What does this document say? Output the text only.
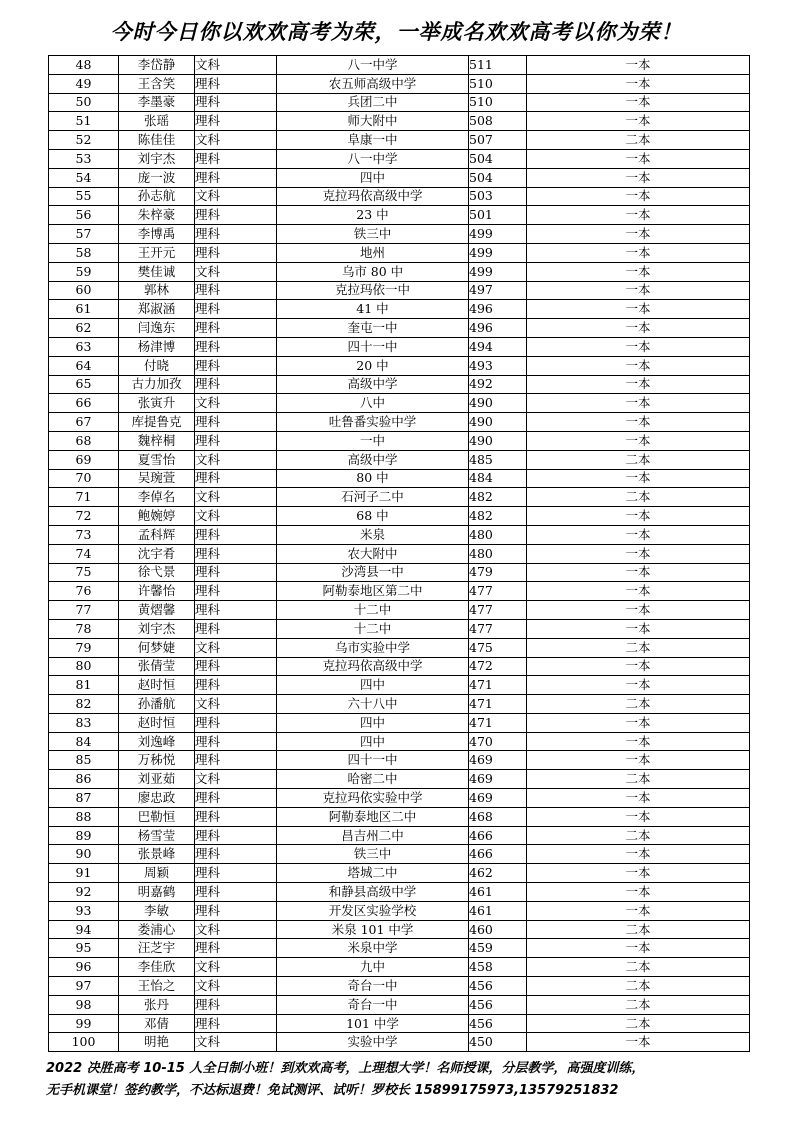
今时今日你以欢欢高考为荣，一举成名欢欢高考以你为荣！
48	李岱静	文科	八一中学	511	一本
49	王含笑	理科	农五师高级中学	510	一本
50	李墨豪	理科	兵团二中	510	一本
51	张瑶	理科	师大附中	508	一本
52	陈佳佳	文科	阜康一中	507	二本
53	刘宇杰	理科	八一中学	504	一本
54	庞一波	理科	四中	504	一本
55	孙志航	文科	克拉玛依高级中学	503	一本
56	朱梓豪	理科	23 中	501	一本
57	李博禹	理科	铁三中	499	一本
58	王开元	理科	地州	499	一本
59	樊佳诚	文科	乌市 80 中	499	一本
60	郭林	理科	克拉玛依一中	497	一本
61	郑淑涵	理科	41 中	496	一本
62	闫逸东	理科	奎屯一中	496	一本
63	杨津博	理科	四十一中	494	一本
64	付晓	理科	20 中	493	一本
65	古力加孜	理科	高级中学	492	一本
66	张寅升	文科	八中	490	一本
67	库提鲁克	理科	吐鲁番实验中学	490	一本
68	魏梓桐	理科	一中	490	一本
69	夏雪怡	文科	高级中学	485	二本
70	吴琬萱	理科	80 中	484	一本
71	李倬名	文科	石河子二中	482	二本
72	鲍婉婷	文科	68 中	482	一本
73	孟科辉	理科	米泉	480	一本
74	沈宇肴	理科	农大附中	480	一本
75	徐弋景	理科	沙湾县一中	479	一本
76	许馨怡	理科	阿勒泰地区第二中	477	一本
77	黄熠馨	理科	十二中	477	一本
78	刘宇杰	理科	十二中	477	一本
79	何梦婕	文科	乌市实验中学	475	二本
80	张倩莹	理科	克拉玛依高级中学	472	一本
81	赵时恒	理科	四中	471	一本
82	孙潘航	文科	六十八中	471	二本
83	赵时恒	理科	四中	471	一本
84	刘逸峰	理科	四中	470	一本
85	万秭悦	理科	四十一中	469	一本
86	刘亚茹	文科	哈密二中	469	二本
87	廖忠政	理科	克拉玛依实验中学	469	一本
88	巴勒恒	理科	阿勒泰地区二中	468	一本
89	杨雪莹	理科	昌吉州二中	466	二本
90	张景峰	理科	铁三中	466	一本
91	周颖	理科	塔城二中	462	一本
92	明嘉鹤	理科	和静县高级中学	461	一本
93	李敏	理科	开发区实验学校	461	一本
94	娄浦心	文科	米泉 101 中学	460	二本
95	汪芝宇	理科	米泉中学	459	一本
96	李佳欣	文科	九中	458	二本
97	王怡之	文科	奇台一中	456	二本
98	张丹	理科	奇台一中	456	二本
99	邓倩	理科	101 中学	456	二本
100	明艳	文科	实验中学	450	一本
2022 决胜高考 10-15 人全日制小班！到欢欢高考，上理想大学！名师授课，分层教学，高强度训练，
无手机课堂！签约教学，不达标退费！免试测评、试听！罗校长 15899175973,13579251832
